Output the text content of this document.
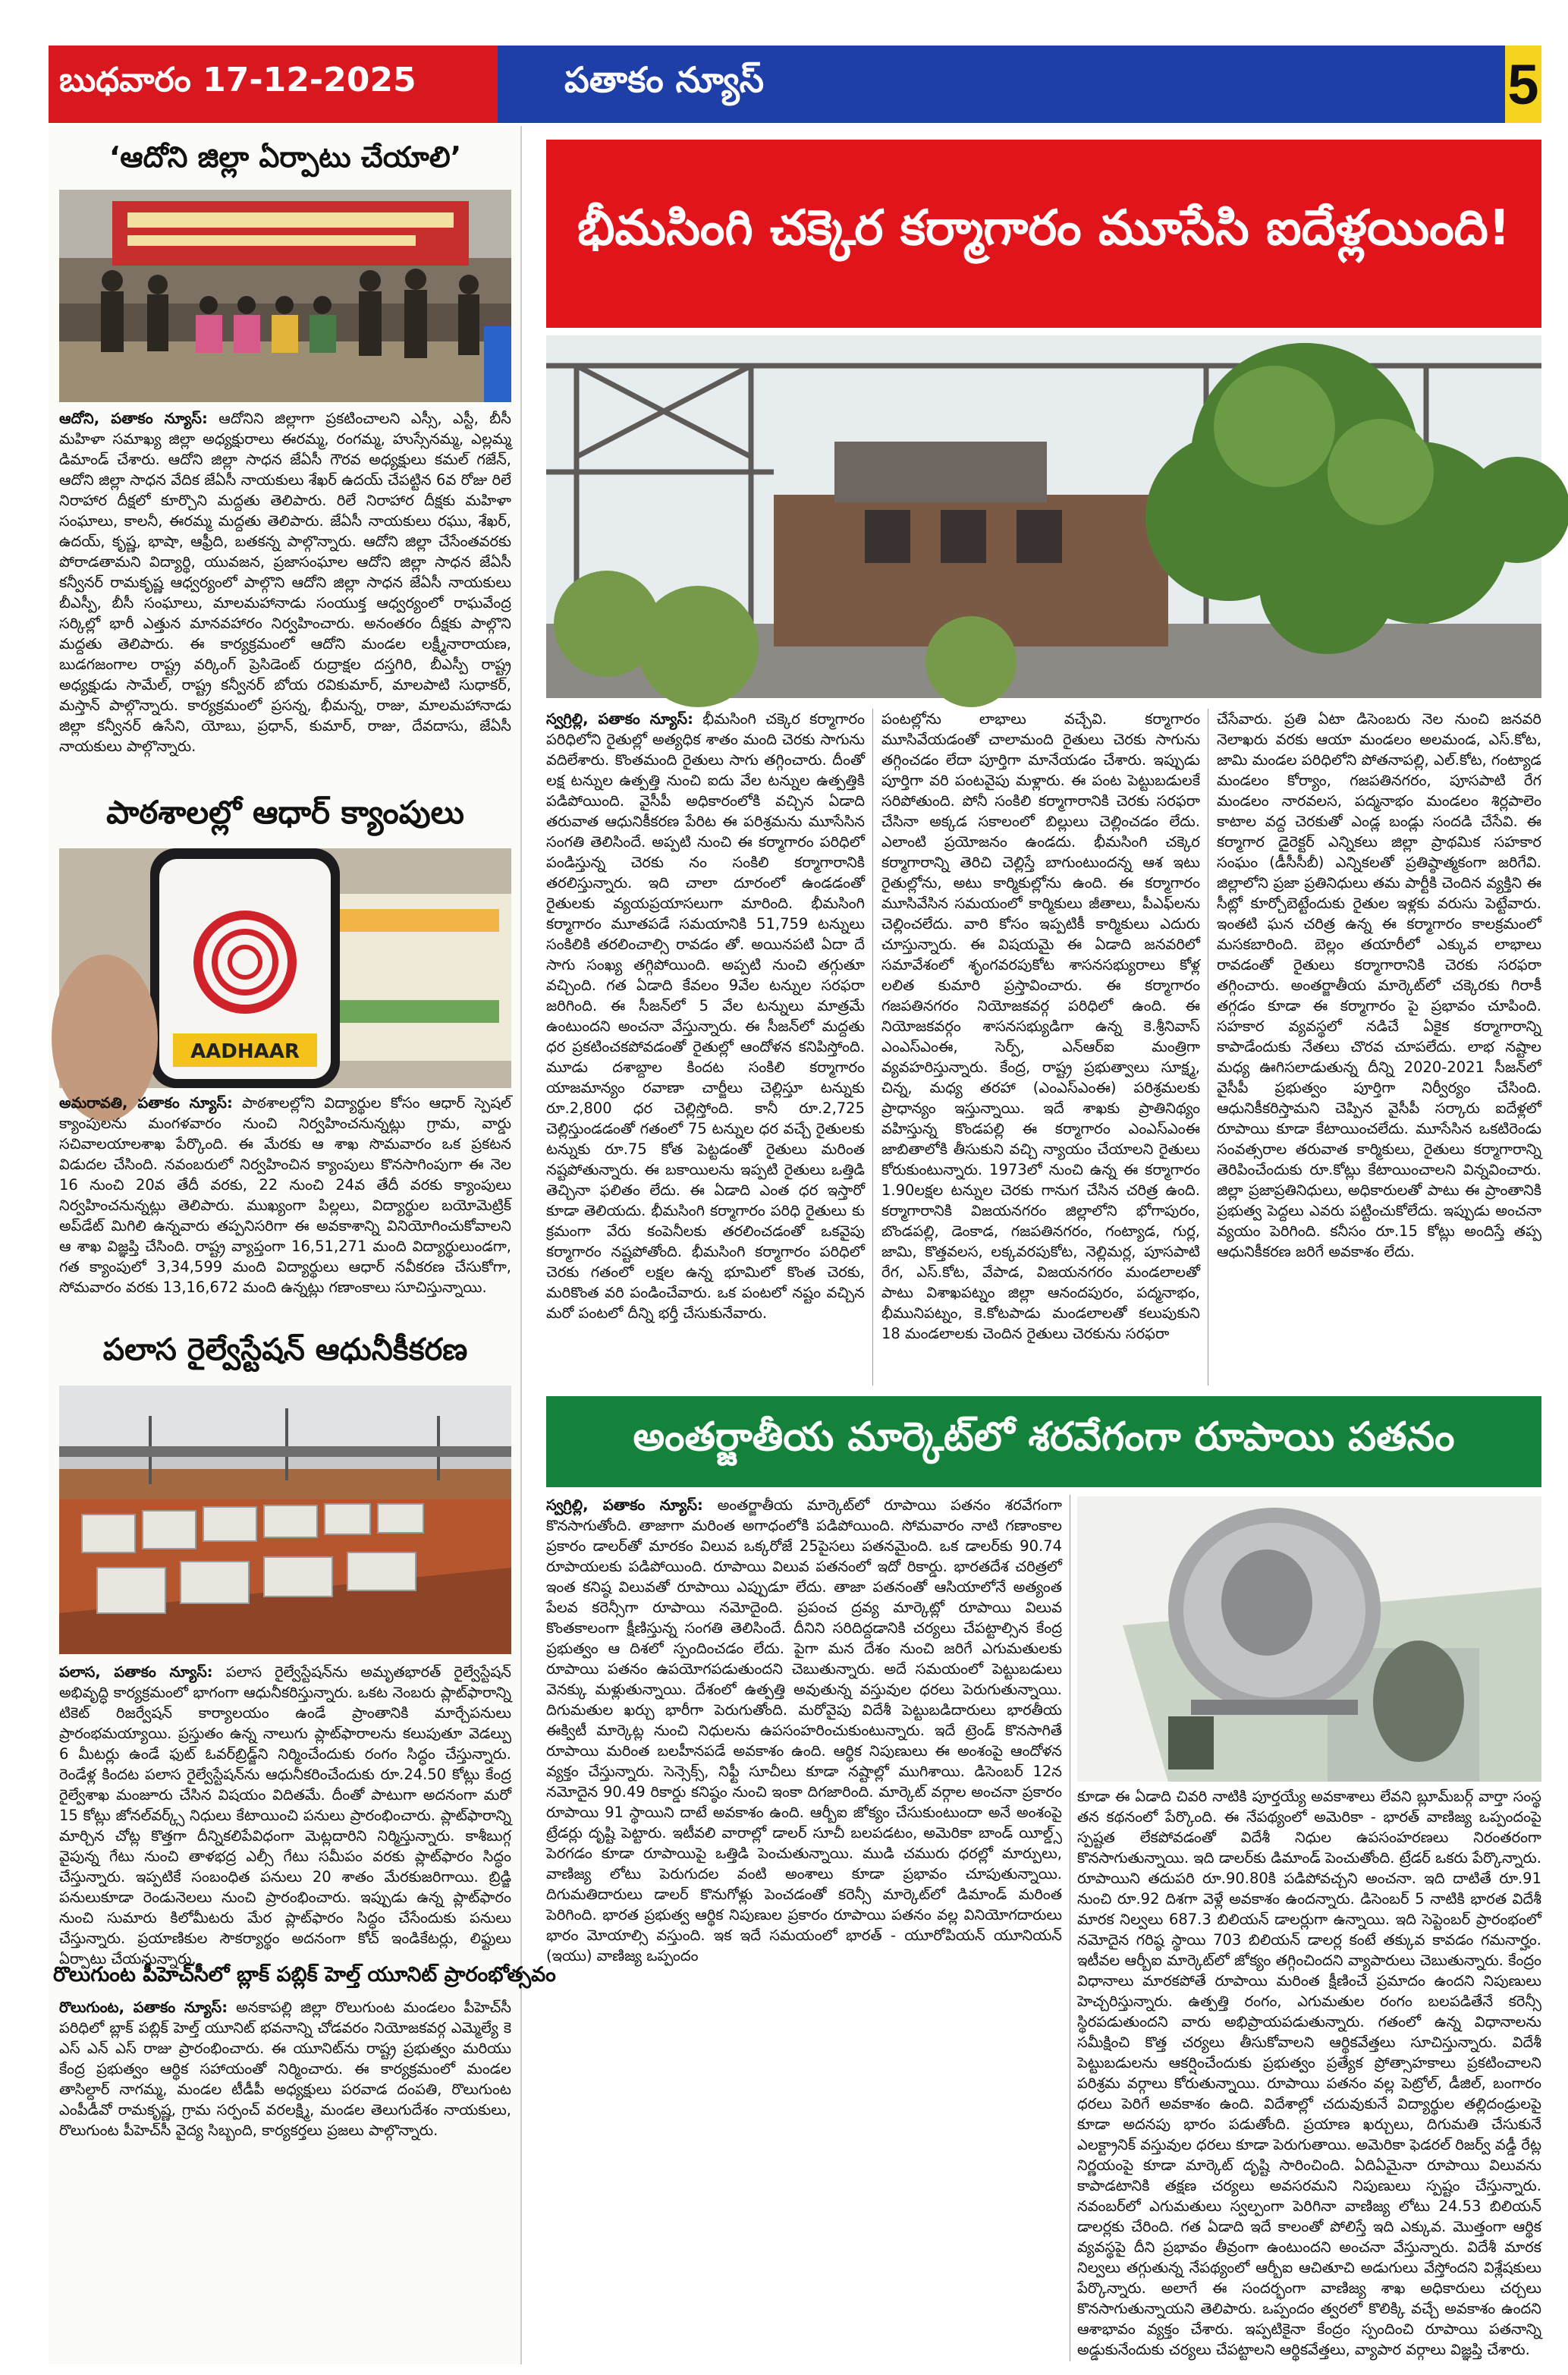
బుధవారం 17-12-2025	పతాకం న్యూస్	5
‘ఆదోని జిల్లా ఏర్పాటు చేయాలి’
ఆదోని, పతాకం న్యూస్: ఆదోనిని జిల్లాగా ప్రకటించాలని ఎస్సీ, ఎస్టీ, బీసీ మహిళా సమాఖ్య జిల్లా అధ్యక్షురాలు ఈరమ్మ, రంగమ్మ, హుస్సేనమ్మ, ఎల్లమ్మ డిమాండ్ చేశారు. ఆదోని జిల్లా సాధన జేఏసీ గౌరవ అధ్యక్షులు కమల్ గజేన్, ఆదోని జిల్లా సాధన వేదిక జేఏసీ నాయకులు శేఖర్ ఉదయ్ చేపట్టిన 6వ రోజు రిలే నిరాహార దీక్షలో కూర్చొని మద్దతు తెలిపారు. రిలే నిరాహార దీక్షకు మహిళా సంఘాలు, కాలనీ, ఈరమ్మ మద్దతు తెలిపారు. జేఏసీ నాయకులు రఘు, శేఖర్, ఉదయ్, కృష్ణ, భాషా, ఆఫ్రీది, బతకన్న పాల్గొన్నారు. ఆదోని జిల్లా చేసేంతవరకు పోరాడతామని విద్యార్థి, యువజన, ప్రజాసంఘాల ఆదోని జిల్లా సాధన జేఏసీ కన్వీనర్ రామకృష్ణ ఆధ్వర్యంలో పాల్గొని ఆదోని జిల్లా సాధన జేఏసీ నాయకులు బీఎస్పీ, బీసీ సంఘాలు, మాలమహానాడు సంయుక్త ఆధ్వర్యంలో రాఘవేంద్ర సర్కిల్లో భారీ ఎత్తున మానవహారం నిర్వహించారు. అనంతరం దీక్షకు పాల్గొని మద్దతు తెలిపారు. ఈ కార్యక్రమంలో ఆదోని మండల లక్ష్మీనారాయణ, బుడగజంగాల రాష్ట్ర వర్కింగ్ ప్రెసిడెంట్ రుద్రాక్షల దస్తగిరి, బీఎస్పీ రాష్ట్ర అధ్యక్షుడు సామేల్, రాష్ట్ర కన్వీనర్ బోయ రవికుమార్, మాలపాటి సుధాకర్, మస్తాన్ పాల్గొన్నారు. కార్యక్రమంలో ప్రసన్న, భీమన్న, రాజు, మాలమహానాడు జిల్లా కన్వీనర్ ఉసేని, యోబు, ప్రధాన్, కుమార్, రాజు, దేవదాసు, జేఏసీ నాయకులు పాల్గొన్నారు.
పాఠశాలల్లో ఆధార్ క్యాంపులు
AADHAAR
అమరావతి, పతాకం న్యూస్: పాఠశాలల్లోని విద్యార్థుల కోసం ఆధార్ స్పెషల్ క్యాంపులను మంగళవారం నుంచి నిర్వహించనున్నట్లు గ్రామ, వార్డు సచివాలయాలశాఖ పేర్కొంది. ఈ మేరకు ఆ శాఖ సొమవారం ఒక ప్రకటన విడుదల చేసింది. నవంబరులో నిర్వహించిన క్యాంపులు కొనసాగింపుగా ఈ నెల 16 నుంచి 20వ తేదీ వరకు, 22 నుంచి 24వ తేదీ వరకు క్యాంపులు నిర్వహించనున్నట్లు తెలిపారు. ముఖ్యంగా పిల్లలు, విద్యార్థుల బయోమెట్రిక్ అప్‌డేట్ మిగిలి ఉన్నవారు తప్పనిసరిగా ఈ అవకాశాన్ని వినియోగించుకోవాలని ఆ శాఖ విజ్ఞప్తి చేసింది. రాష్ట్ర వ్యాప్తంగా 16,51,271 మంది విద్యార్థులుండగా, గత క్యాంపులో 3,34,599 మంది విద్యార్థులు ఆధార్ నవీకరణ చేసుకోగా, సోమవారం వరకు 13,16,672 మంది ఉన్నట్లు గణాంకాలు సూచిస్తున్నాయి.
పలాస రైల్వేస్టేషన్ ఆధునీకీకరణ
పలాస, పతాకం న్యూస్: పలాస రైల్వేస్టేషన్‌ను అమృతభారత్ రైల్వేస్టేషన్ అభివృద్ధి కార్యక్రమంలో భాగంగా ఆధునీకరిస్తున్నారు. ఒకట నెంబరు ప్లాట్‌ఫారాన్ని టికెట్ రిజర్వేషన్ కార్యాలయం ఉండే ప్రాంతానికి మార్చేపనులు ప్రారంభమయ్యాయి. ప్రస్తుతం ఉన్న నాలుగు ప్లాట్‌ఫారాలను కలుపుతూ వెడల్పు 6 మీటర్లు ఉండే ఫుట్ ఓవర్‌బ్రిడ్జ్‌ని నిర్మించేందుకు రంగం సిద్ధం చేస్తున్నారు. రెండేళ్ల కిందట పలాస రైల్వేస్టేషన్‌ను ఆధునీకరించేందుకు రూ.24.50 కోట్లు కేంద్ర రైల్వేశాఖ మంజూరు చేసిన విషయం విదితమే. దీంతో పాటుగా అదనంగా మరో 15 కోట్లు జోనల్‌వర్క్స్ నిధులు కేటాయించి పనులు ప్రారంభించారు. ప్లాట్‌ఫారాన్ని మార్చిన చోట్ల కొత్తగా దీన్నికలిపేవిధంగా మెట్లదారిని నిర్మిస్తున్నారు. కాశీబుగ్గ వైపున్న గేటు నుంచి తాళభద్ర ఎల్సీ గేటు సమీపం వరకు ప్లాట్‌ఫారం సిద్ధం చేస్తున్నారు. ఇప్పటికే సంబంధిత పనులు 20 శాతం మేరకుజరిగాయి. బ్రిడ్జి పనులుకూడా రెండునెలలు నుంచి ప్రారంభించారు. ఇప్పుడు ఉన్న ప్లాట్‌ఫారం నుంచి సుమారు కిలోమీటరు మేర ప్లాట్‌ఫారం సిద్ధం చేసేందుకు పనులు చేస్తున్నారు. ప్రయాణికుల సౌకర్యార్థం అదనంగా కోచ్ ఇండికేటర్లు, లిఫ్టులు ఏర్పాటు చేయనున్నారు.
రొలుగుంట పీహెచ్‌సీలో బ్లాక్ పబ్లిక్ హెల్త్ యూనిట్ ప్రారంభోత్సవం
రొలుగుంట, పతాకం న్యూస్: అనకాపల్లి జిల్లా రొలుగుంట మండలం పీహెచ్‌సీ పరిధిలో బ్లాక్ పబ్లిక్ హెల్త్ యూనిట్ భవనాన్ని చోడవరం నియోజకవర్గ ఎమ్మెల్యే కె ఎస్ ఎన్ ఎస్ రాజు ప్రారంభించారు. ఈ యూనిట్‌ను రాష్ట్ర ప్రభుత్వం మరియు కేంద్ర ప్రభుత్వం ఆర్థిక సహాయంతో నిర్మించారు. ఈ కార్యక్రమంలో మండల తాసిల్దార్ నాగమ్మ, మండల టీడీపీ అధ్యక్షులు పరవాడ దంపతి, రొలుగుంట ఎంపీడీవో రామకృష్ణ, గ్రామ సర్పంచ్ వరలక్ష్మి, మండల తెలుగుదేశం నాయకులు, రొలుగుంట పీహెచ్‌సీ వైద్య సిబ్బంది, కార్యకర్తలు ప్రజలు పాల్గొన్నారు.
భీమసింగి చక్కెర కర్మాగారం మూసేసి ఐదేళ్లయింది!
స్వగ్రిల్లి, పతాకం న్యూస్: భీమసింగి చక్కెర కర్మాగారం పరిధిలోని రైతుల్లో అత్యధిక శాతం మంది చెరకు సాగును వదిలేశారు. కొంతమంది రైతులు సాగు తగ్గించారు. దీంతో లక్ష టన్నుల ఉత్పత్తి నుంచి ఐదు వేల టన్నుల ఉత్పత్తికి పడిపోయింది. వైసీపీ అధికారంలోకి వచ్చిన ఏడాది తరువాత ఆధునికీకరణ పేరిట ఈ పరిశ్రమను మూసేసిన సంగతి తెలిసిందే. అప్పటి నుంచి ఈ కర్మాగారం పరిధిలో పండిస్తున్న చెరకు నం సంకిలి కర్మాగారానికి తరలిస్తున్నారు. ఇది చాలా దూరంలో ఉండడంతో రైతులకు వ్యయప్రయాసలుగా మారింది. భీమసింగి కర్మాగారం మూతపడే సమయానికి 51,759 టన్నులు సంకిలికి తరలించాల్సి రావడం తో. అయినపటి ఏదా దే సాగు సంఖ్య తగ్గిపోయింది. అప్పటి నుంచి తగ్గుతూ వచ్చింది. గత ఏడాది కేవలం 9వేల టన్నుల సరఫరా జరిగింది. ఈ సీజన్‌లో 5 వేల టన్నులు మాత్రమే ఉంటుందని అంచనా వేస్తున్నారు. ఈ సీజన్‌లో మద్దతు ధర ప్రకటించకపోవడంతో రైతుల్లో ఆందోళన కనిపిస్తోంది. మూడు దశాబ్దాల కిందట సంకిలి కర్మాగారం యాజమాన్యం రవాణా చార్జీలు చెల్లిస్తూ టన్నుకు రూ.2,800 ధర చెల్లిస్తోంది. కానీ రూ.2,725 చెల్లిస్తుండడంతో గతంలో 75 టన్నుల ధర వచ్చే రైతులకు టన్నుకు రూ.75 కోత పెట్టడంతో రైతులు మరింత నష్టపోతున్నారు. ఈ బకాయిలను ఇప్పటి రైతులు ఒత్తిడి తెచ్చినా ఫలితం లేదు. ఈ ఏడాది ఎంత ధర ఇస్తారో కూడా తెలియదు. భీమసింగి కర్మాగారం పరిధి రైతులు కు క్రమంగా వేరు కంపెనీలకు తరలించడంతో ఒకవైపు కర్మాగారం నష్టపోతోంది. భీమసింగి కర్మాగారం పరిధిలో చెరకు గతంలో లక్షల ఉన్న భూమిలో కొంత చెరకు, మరికొంత వరి పండించేవారు. ఒక పంటలో నష్టం వచ్చిన మరో పంటలో దీన్ని భర్తీ చేసుకునేవారు.
పంటల్లోను లాభాలు వచ్చేవి. కర్మాగారం మూసివేయడంతో చాలామంది రైతులు చెరకు సాగును తగ్గించడం లేదా పూర్తిగా మానేయడం చేశారు. ఇప్పుడు పూర్తిగా వరి పంటవైపు మళ్లారు. ఈ పంట పెట్టుబడులకే సరిపోతుంది. పోనీ సంకిలి కర్మాగారానికి చెరకు సరఫరా చేసినా అక్కడ సకాలంలో బిల్లులు చెల్లించడం లేదు. ఎలాంటి ప్రయోజనం ఉండదు. భీమసింగి చక్కెర కర్మాగారాన్ని తెరిచి చెల్లిస్తే బాగుంటుందన్న ఆశ ఇటు రైతుల్లోను, అటు కార్మికుల్లోను ఉంది. ఈ కర్మాగారం మూసివేసిన సమయంలో కార్మికులు జీతాలు, పీఎఫ్‌లను చెల్లించలేదు. వారి కోసం ఇప్పటికీ కార్మికులు ఎదురు చూస్తున్నారు. ఈ విషయమై ఈ ఏడాది జనవరిలో సమావేశంలో శృంగవరపుకోట శాసనసభ్యురాలు కోళ్ల లలిత కుమారి ప్రస్తావించారు. ఈ కర్మాగారం గజపతినగరం నియోజకవర్గ పరిధిలో ఉంది. ఈ నియోజకవర్గం శాసనసభ్యుడిగా ఉన్న కె.శ్రీనివాస్ ఎంఎస్ఎంఈ, సెర్ప్, ఎన్ఆర్ఐ మంత్రిగా వ్యవహరిస్తున్నారు. కేంద్ర, రాష్ట్ర ప్రభుత్వాలు సూక్ష్మ, చిన్న, మధ్య తరహా (ఎంఎస్ఎంఈ) పరిశ్రమలకు ప్రాధాన్యం ఇస్తున్నాయి. ఇదే శాఖకు ప్రాతినిథ్యం వహిస్తున్న కొండపల్లి ఈ కర్మాగారం ఎంఎస్ఎంఈ జాబితాలోకి తీసుకుని వచ్చి న్యాయం చేయాలని రైతులు కోరుకుంటున్నారు. 1973లో నుంచి ఉన్న ఈ కర్మాగారం 1.90లక్షల టన్నుల చెరకు గానుగ చేసిన చరిత్ర ఉంది. కర్మాగారానికి విజయనగరం జిల్లాలోని భోగాపురం, బొండపల్లి, డెంకాడ, గజపతినగరం, గంట్యాడ, గుర్ల, జామి, కొత్తవలస, లక్కవరపుకోట, నెల్లిమర్ల, పూసపాటి రేగ, ఎస్.కోట, వేపాడ, విజయనగరం మండలాలతో పాటు విశాఖపట్నం జిల్లా ఆనందపురం, పద్మనాభం, భీమునిపట్నం, కె.కోటపాడు మండలాలతో కలుపుకుని 18 మండలాలకు చెందిన రైతులు చెరకును సరఫరా
చేసేవారు. ప్రతి ఏటా డిసెంబరు నెల నుంచి జనవరి నెలాఖరు వరకు ఆయా మండలం అలమండ, ఎస్.కోట, జామి మండల పరిధిలోని పోతనాపల్లి, ఎల్.కోట, గంట్యాడ మండలం కోర్యాం, గజపతినగరం, పూసపాటి రేగ మండలం నారవలస, పద్మనాభం మండలం శిర్లపాలెం కాటాల వద్ద చెరకుతో ఎండ్ల బండ్లు సందడి చేసేవి. ఈ కర్మాగార డైరెక్టర్ ఎన్నికలు జిల్లా ప్రాథమిక సహకార సంఘం (డీసీసీబీ) ఎన్నికలతో ప్రతిష్ఠాత్మకంగా జరిగేవి. జిల్లాలోని ప్రజా ప్రతినిధులు తమ పార్టీకి చెందిన వ్యక్తిని ఈ సీట్లో కూర్చోబెట్టేందుకు రైతుల ఇళ్లకు వరుసు పెట్టేవారు. ఇంతటి ఘన చరిత్ర ఉన్న ఈ కర్మాగారం కాలక్రమంలో మసకబారింది. బెల్లం తయారీలో ఎక్కువ లాభాలు రావడంతో రైతులు కర్మాగారానికి చెరకు సరఫరా తగ్గించారు. అంతర్జాతీయ మార్కెట్‌లో చక్కెరకు గిరాకీ తగ్గడం కూడా ఈ కర్మాగారం పై ప్రభావం చూపింది. సహకార వ్యవస్థలో నడిచే ఏకైక కర్మాగారాన్ని కాపాడేందుకు నేతలు చొరవ చూపలేదు. లాభ నష్టాల మధ్య ఊగిసలాడుతున్న దీన్ని 2020-2021 సీజన్‌లో వైసీపీ ప్రభుత్వం పూర్తిగా నిర్వీర్యం చేసింది. ఆధునికీకరిస్తామని చెప్పిన వైసీపీ సర్కారు ఐదేళ్లలో రూపాయి కూడా కేటాయించలేదు. మూసేసిన ఒకటిరెండు సంవత్సరాల తరువాత కార్మికులు, రైతులు కర్మాగారాన్ని తెరిపించేందుకు రూ.కోట్లు కేటాయించాలని విన్నవించారు. జిల్లా ప్రజాప్రతినిధులు, అధికారులతో పాటు ఈ ప్రాంతానికి ప్రభుత్వ పెద్దలు ఎవరు పట్టించుకోలేదు. ఇప్పుడు అంచనా వ్యయం పెరిగింది. కనీసం రూ.15 కోట్లు అందిస్తే తప్ప ఆధునికీకరణ జరిగే అవకాశం లేదు.
అంతర్జాతీయ మార్కెట్‌లో శరవేగంగా రూపాయి పతనం
స్వగ్రిల్లి, పతాకం న్యూస్: అంతర్జాతీయ మార్కెట్‌లో రూపాయి పతనం శరవేగంగా కొనసాగుతోంది. తాజాగా మరింత అగాధంలోకి పడిపోయింది. సోమవారం నాటి గణాంకాల ప్రకారం డాలర్‌తో మారకం విలువ ఒక్కరోజే 25పైసలు పతనమైంది. ఒక డాలర్‌కు 90.74 రూపాయలకు పడిపోయింది. రూపాయి విలువ పతనంలో ఇదో రికార్డు. భారతదేశ చరిత్రలో ఇంత కనిష్ఠ విలువతో రూపాయి ఎప్పుడూ లేదు. తాజా పతనంతో ఆసియాలోనే అత్యంత పేలవ కరెన్సీగా రూపాయి నమోదైంది. ప్రపంచ ద్రవ్య మార్కెట్లో రూపాయి విలువ కొంతకాలంగా క్షీణిస్తున్న సంగతి తెలిసిందే. దీనిని సరిదిద్దడానికి చర్యలు చేపట్టాల్సిన కేంద్ర ప్రభుత్వం ఆ దిశలో స్పందించడం లేదు. పైగా మన దేశం నుంచి జరిగే ఎగుమతులకు రూపాయి పతనం ఉపయోగపడుతుందని చెబుతున్నారు. అదే సమయంలో పెట్టుబడులు వెనక్కు మళ్లుతున్నాయి. దేశంలో ఉత్పత్తి అవుతున్న వస్తువుల ధరలు పెరుగుతున్నాయి. దిగుమతుల ఖర్చు భారీగా పెరుగుతోంది. మరోవైపు విదేశీ పెట్టుబడిదారులు భారతీయ ఈక్విటీ మార్కెట్ల నుంచి నిధులను ఉపసంహరించుకుంటున్నారు. ఇదే ట్రెండ్ కొనసాగితే రూపాయి మరింత బలహీనపడే అవకాశం ఉంది. ఆర్థిక నిపుణులు ఈ అంశంపై ఆందోళన వ్యక్తం చేస్తున్నారు. సెన్సెక్స్, నిఫ్టీ సూచీలు కూడా నష్టాల్లో ముగిశాయి. డిసెంబర్ 12న నమోదైన 90.49 రికార్డు కనిష్ఠం నుంచి ఇంకా దిగజారింది. మార్కెట్ వర్గాల అంచనా ప్రకారం రూపాయి 91 స్థాయిని దాటే అవకాశం ఉంది. ఆర్బీఐ జోక్యం చేసుకుంటుందా అనే అంశంపై ట్రేడర్లు దృష్టి పెట్టారు. ఇటీవలి వారాల్లో డాలర్ సూచీ బలపడటం, అమెరికా బాండ్ యీల్డ్స్ పెరగడం కూడా రూపాయిపై ఒత్తిడి పెంచుతున్నాయి. ముడి చమురు ధరల్లో మార్పులు, వాణిజ్య లోటు పెరుగుదల వంటి అంశాలు కూడా ప్రభావం చూపుతున్నాయి. దిగుమతిదారులు డాలర్ కొనుగోళ్లు పెంచడంతో కరెన్సీ మార్కెట్‌లో డిమాండ్ మరింత పెరిగింది. భారత ప్రభుత్వ ఆర్థిక నిపుణుల ప్రకారం రూపాయి పతనం వల్ల వినియోగదారులు భారం మోయాల్సి వస్తుంది. ఇక ఇదే సమయంలో భారత్ - యూరోపియన్ యూనియన్ (ఇయు) వాణిజ్య ఒప్పందం
కూడా ఈ ఏడాది చివరి నాటికి పూర్తయ్యే అవకాశాలు లేవని బ్లూమ్‌బర్గ్ వార్తా సంస్థ తన కథనంలో పేర్కొంది. ఈ నేపథ్యంలో అమెరికా - భారత్ వాణిజ్య ఒప్పందంపై స్పష్టత లేకపోవడంతో విదేశీ నిధుల ఉపసంహరణలు నిరంతరంగా కొనసాగుతున్నాయి. ఇది డాలర్‌కు డిమాండ్ పెంచుతోంది. ట్రేడర్ ఒకరు పేర్కొన్నారు. రూపాయిని తదుపరి రూ.90.80కి పడిపోవచ్చని అంచనా. ఇది దాటితే రూ.91 నుంచి రూ.92 దిశగా వెళ్లే అవకాశం ఉందన్నారు. డిసెంబర్ 5 నాటికి భారత విదేశీ మారక నిల్వలు 687.3 బిలియన్ డాలర్లుగా ఉన్నాయి. ఇది సెప్టెంబర్ ప్రారంభంలో నమోదైన గరిష్ఠ స్థాయి 703 బిలియన్ డాలర్ల కంటే తక్కువ కావడం గమనార్హం. ఇటీవల ఆర్బీఐ మార్కెట్‌లో జోక్యం తగ్గించిందని వ్యాపారులు చెబుతున్నారు. కేంద్రం విధానాలు మారకపోతే రూపాయి మరింత క్షీణించే ప్రమాదం ఉందని నిపుణులు హెచ్చరిస్తున్నారు. ఉత్పత్తి రంగం, ఎగుమతుల రంగం బలపడితేనే కరెన్సీ స్థిరపడుతుందని వారు అభిప్రాయపడుతున్నారు. గతంలో ఉన్న విధానాలను సమీక్షించి కొత్త చర్యలు తీసుకోవాలని ఆర్థికవేత్తలు సూచిస్తున్నారు. విదేశీ పెట్టుబడులను ఆకర్షించేందుకు ప్రభుత్వం ప్రత్యేక ప్రోత్సాహకాలు ప్రకటించాలని పరిశ్రమ వర్గాలు కోరుతున్నాయి. రూపాయి పతనం వల్ల పెట్రోల్, డీజిల్, బంగారం ధరలు పెరిగే అవకాశం ఉంది. విదేశాల్లో చదువుకునే విద్యార్థుల తల్లిదండ్రులపై కూడా అదనపు భారం పడుతోంది. ప్రయాణ ఖర్చులు, దిగుమతి చేసుకునే ఎలక్ట్రానిక్ వస్తువుల ధరలు కూడా పెరుగుతాయి. అమెరికా ఫెడరల్ రిజర్వ్ వడ్డీ రేట్ల నిర్ణయంపై కూడా మార్కెట్ దృష్టి సారించింది. ఏదిఏమైనా రూపాయి విలువను కాపాడటానికి తక్షణ చర్యలు అవసరమని నిపుణులు స్పష్టం చేస్తున్నారు. నవంబర్‌లో ఎగుమతులు స్వల్పంగా పెరిగినా వాణిజ్య లోటు 24.53 బిలియన్ డాలర్లకు చేరింది. గత ఏడాది ఇదే కాలంతో పోలిస్తే ఇది ఎక్కువ. మొత్తంగా ఆర్థిక వ్యవస్థపై దీని ప్రభావం తీవ్రంగా ఉంటుందని అంచనా వేస్తున్నారు. విదేశీ మారక నిల్వలు తగ్గుతున్న నేపథ్యంలో ఆర్బీఐ ఆచితూచి అడుగులు వేస్తోందని విశ్లేషకులు పేర్కొన్నారు. అలాగే ఈ సందర్భంగా వాణిజ్య శాఖ అధికారులు చర్చలు కొనసాగుతున్నాయని తెలిపారు. ఒప్పందం త్వరలో కొలిక్కి వచ్చే అవకాశం ఉందని ఆశాభావం వ్యక్తం చేశారు. ఇప్పటికైనా కేంద్రం స్పందించి రూపాయి పతనాన్ని అడ్డుకునేందుకు చర్యలు చేపట్టాలని ఆర్థికవేత్తలు, వ్యాపార వర్గాలు విజ్ఞప్తి చేశారు.
